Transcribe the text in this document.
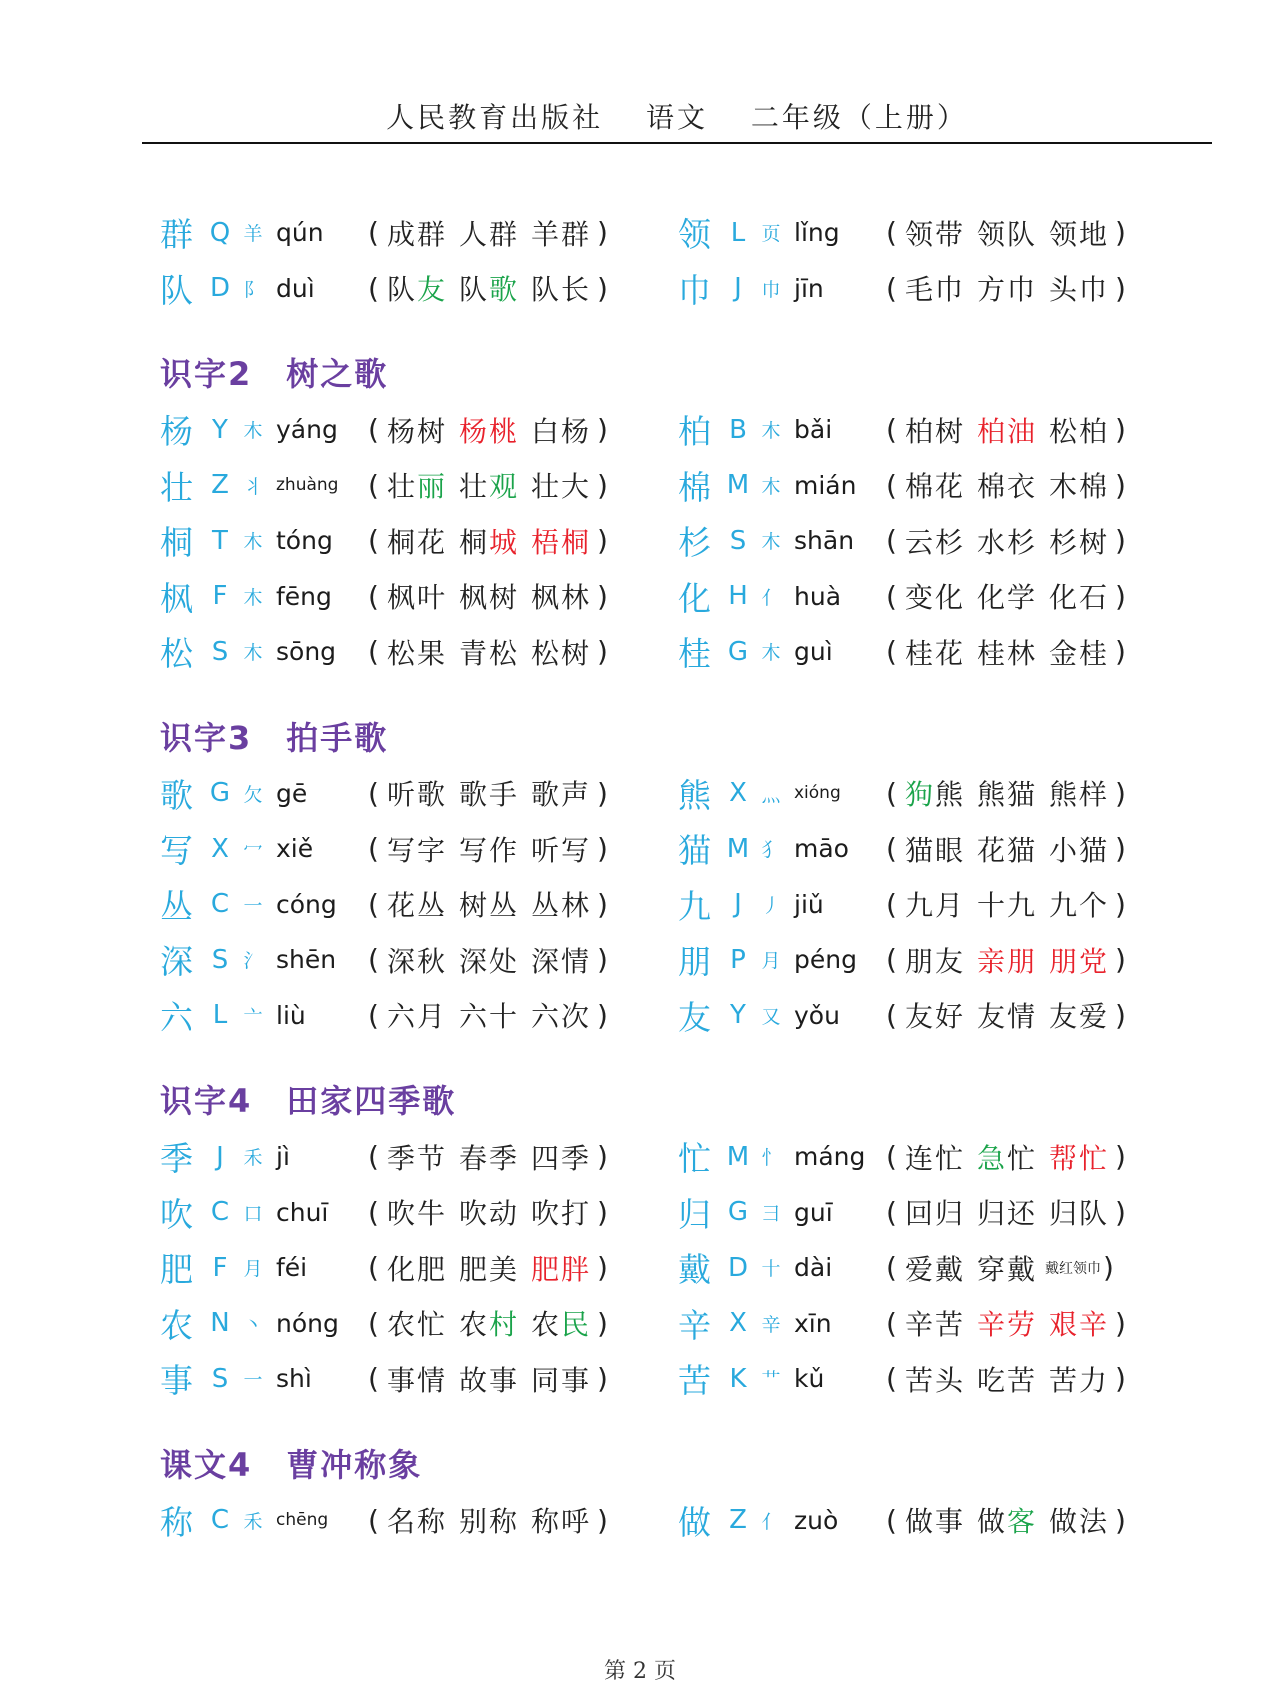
人民教育出版社　 语文　 二年级（上册）
群 Q 羊 qún	( 成群 人群 羊群 ) 领 L 页 lǐng	( 领带 领队 领地 )
队 D 阝 duì	( 队友 队歌 队长 ) 巾 J	巾 jīn	( 毛巾 方巾 头巾 )
识字2 树之歌
杨 Y 木 yáng	( 杨树 杨桃 白杨 ) 柏 B 木 bǎi	( 柏树 柏油 松柏 )
壮 Z 丬 zhuàng	( 壮丽 壮观 壮大 ) 棉 M 木 mián	( 棉花 棉衣 木棉 )
桐 T 木 tóng	( 桐花 桐城 梧桐 ) 杉 S 木 shān	( 云杉 水杉 杉树 )
枫 F 木 fēng	( 枫叶 枫树 枫林 ) 化 H 亻 huà	( 变化 化学 化石 )
松 S 木 sōng	( 松果 青松 松树 ) 桂 G 木 guì	( 桂花 桂林 金桂 )
识字3 拍手歌
歌 G 欠 gē	( 听歌 歌手 歌声 ) 熊 X 灬 xióng	( 狗熊 熊猫 熊样 )
写 X 冖 xiě	( 写字 写作 听写 ) 猫 M 犭 māo	( 猫眼 花猫 小猫 )
丛 C 一 cóng	( 花丛 树丛 丛林 ) 九 J	丿 jiǔ	( 九月 十九 九个 )
深 S 氵 shēn	( 深秋 深处 深情 ) 朋 P 月 péng	( 朋友 亲朋 朋党 )
六 L 亠 liù	( 六月 六十 六次 ) 友 Y 又 yǒu	( 友好 友情 友爱 )
识字4 田家四季歌
季 J	禾 jì	( 季节 春季 四季 ) 忙 M 忄 máng ( 连忙 急忙 帮忙 )
吹 C 口 chuī	( 吹牛 吹动 吹打 ) 归 G 彐 guī	( 回归 归还 归队 )
肥 F 月 féi	( 化肥 肥美 肥胖 ) 戴 D 十 dài	( 爱戴 穿戴 戴红领巾 )
农 N 丶 nóng	( 农忙 农村 农民 ) 辛 X 辛 xīn	( 辛苦 辛劳 艰辛 )
事 S 一 shì	( 事情 故事 同事 ) 苦 K 艹 kǔ	( 苦头 吃苦 苦力 )
课文4 曹冲称象
称 C 禾 chēng	( 名称 别称 称呼 ) 做 Z 亻 zuò	( 做事 做客 做法 )
第 2 页
